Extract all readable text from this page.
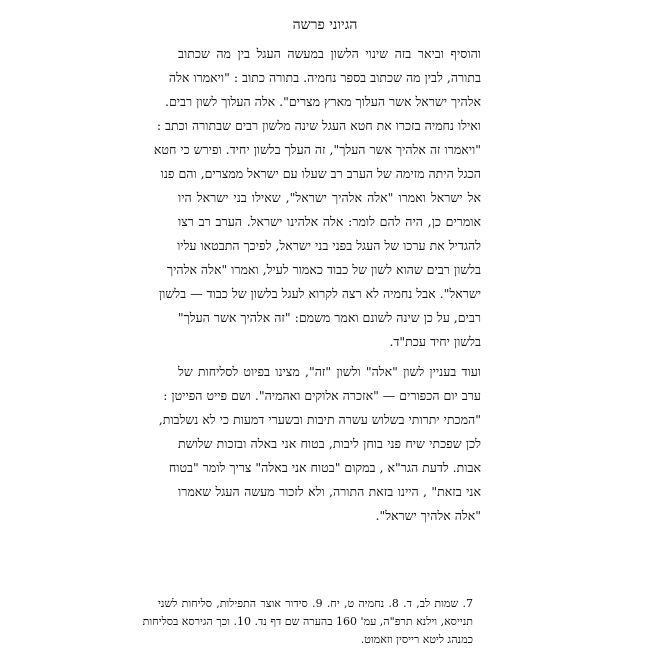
הגיוני פרשה

והוסיף וביאר בזה שינוי הלשון במעשה העגל בין מה שכתוב
בתורה, לבין מה שכתוב בספר נחמיה. בתורה כתוב : "ויאמרו אלה
אלהיך ישראל אשר העלוך מארץ מצרים". אלה העלוך לשון רבים.
ואילו נחמיה בזכרו את חטא העגל שינה מלשון רבים שבתורה וכתב :
"ויאמרו זה אלהיך אשר העלך", זה העלך בלשון יחיד. ופירש כי חטא
הכגל היתה מזימה של הערב רב שעלו עם ישראל ממצרים, והם פנו
אל ישראל ואמרו "אלה אלהיך ישראל", שאילו בני ישראל היו
אומרים כן, היה להם לומר: אלה אלהינו ישראל. הערב רב רצו
להגדיל את ערכו של העגל בפני בני ישראל, לפיכך התבטאו עליו
בלשון רבים שהוא לשון של כבוד כאמור לעיל, ואמרו "אלה אלהיך
ישראל". אבל נחמיה לא רצה לקרוא לעגל בלשון של כבוד — בלשון
רבים, על כן שינה לשונם ואמר משמם: "זה אלהיך אשר העלך"
בלשון יחיד עכת"ד.

ועוד בעניין לשון "אלה" ולשון "זה", מצינו בפיוט לסליחות של
ערב יום הכפורים — "אזכרה אלוקים ואהמיה". ושם פייט הפייטן :
"המכתי יתרותי בשלוש עשרה תיבות ובשערי דמעות כי לא נשלבות,
לכן שפכתי שיח פני בוחן ליבות, בטוח אני באלה ובזכות שלושת
אבות. לדעת הגר"א , במקום "בטוח אני באלה" צריך לומר "בטוח
אני בזאת" , היינו בזאת התורה, ולא לזכור מעשה העגל שאמרו
"אלה אלהיך ישראל".

7. שמות לב, ד. 8. נחמיה ט, יח. 9. סידור אוצר התפילות, סליחות לשני
תנייסא, וילנא תרפ"ה, עמ' 160 בהערה שם דף נד. 10. וכך הגירסא בסליחות
כמנהג ליטא רייסין וזאמוט.
